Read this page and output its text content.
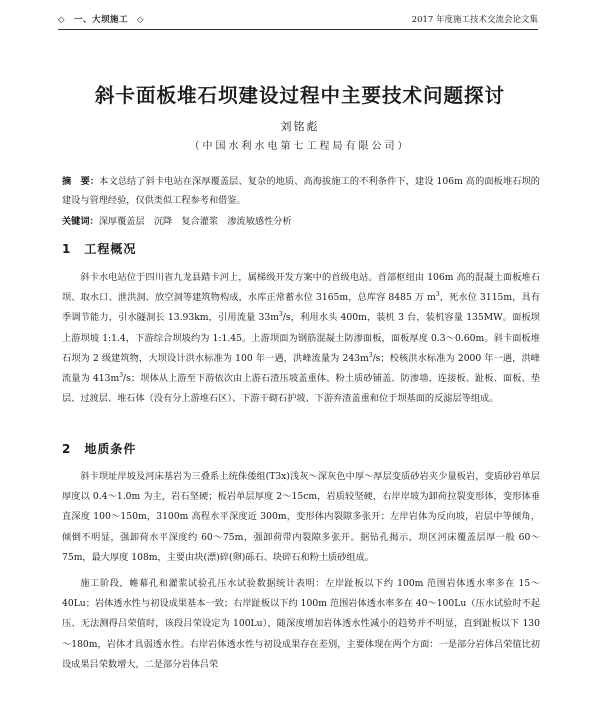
◇　一、大坝施工　◇	2017 年度施工技术交流会论文集
斜卡面板堆石坝建设过程中主要技术问题探讨
刘铭彪
（中国水利水电第七工程局有限公司）
摘　要：本文总结了斜卡电站在深厚覆盖层、复杂的地质、高海拔施工的不利条件下，建设 106m 高的面板堆石坝的建设与管理经验，仅供类似工程参考和借鉴。
关键词：深厚覆盖层　沉降　复合灌浆　渗流敏感性分析
1　工程概况
斜卡水电站位于四川省九龙县踏卡河上，属梯级开发方案中的首级电站。首部枢纽由 106m 高的混凝土面板堆石坝、取水口、泄洪洞、放空洞等建筑物构成，水库正常蓄水位 3165m，总库容 8485 万 $m^3$，死水位 3115m，具有季调节能力，引水隧洞长 13.93km，引用流量 $33m^3/s$，利用水头 400m，装机 3 台，装机容量 135MW。面板坝上游坝坡 1:1.4，下游综合坝坡约为 1:1.45。上游坝面为钢筋混凝土防渗面板，面板厚度 0.3～0.60m。斜卡面板堆石坝为 2 级建筑物，大坝设计洪水标准为 100 年一遇，洪峰流量为 $243m^3/s$；校核洪水标准为 2000 年一遇，洪峰流量为 $413m^3/s$；坝体从上游至下游依次由上游石渣压坡盖重体、粉土质砂铺盖、防渗墙、连接板、趾板、面板、垫层、过渡层、堆石体（没有分上游堆石区）、下游干砌石护坡、下游弃渣盖重和位于坝基面的反滤层等组成。
2　地质条件
斜卡坝址岸坡及河床基岩为三叠系上统侏倭组(T3x)浅灰～深灰色中厚～厚层变质砂岩夹少量板岩，变质砂岩单层厚度以 0.4～1.0m 为主，岩石坚硬；板岩单层厚度 2～15cm，岩质较坚硬，右岸岸坡为卸荷拉裂变形体，变形体垂直深度 100～150m，3100m 高程水平深度近 300m，变形体内裂隙多张开；左岸岩体为反向坡，岩层中等倾角，倾倒不明显，强卸荷水平深度约 60～75m，强卸荷带内裂隙多张开。据钻孔揭示，坝区河床覆盖层厚一般 60～75m，最大厚度 108m，主要由块(漂)碎(卵)砾石、块碎石和粉土质砂组成。
施工阶段，帷幕孔和灌浆试验孔压水试验数据统计表明：左岸趾板以下约 100m 范围岩体透水率多在 15～40Lu；岩体透水性与初设成果基本一致；右岸趾板以下约 100m 范围岩体透水率多在 40～100Lu（压水试验时不起压、无法测得吕荣值时，该段吕荣设定为 100Lu），随深度增加岩体透水性减小的趋势并不明显，直到趾板以下 130～180m，岩体才具弱透水性。右岸岩体透水性与初设成果存在差别，主要体现在两个方面：一是部分岩体吕荣值比初设成果吕荣数增大，二是部分岩体吕荣
